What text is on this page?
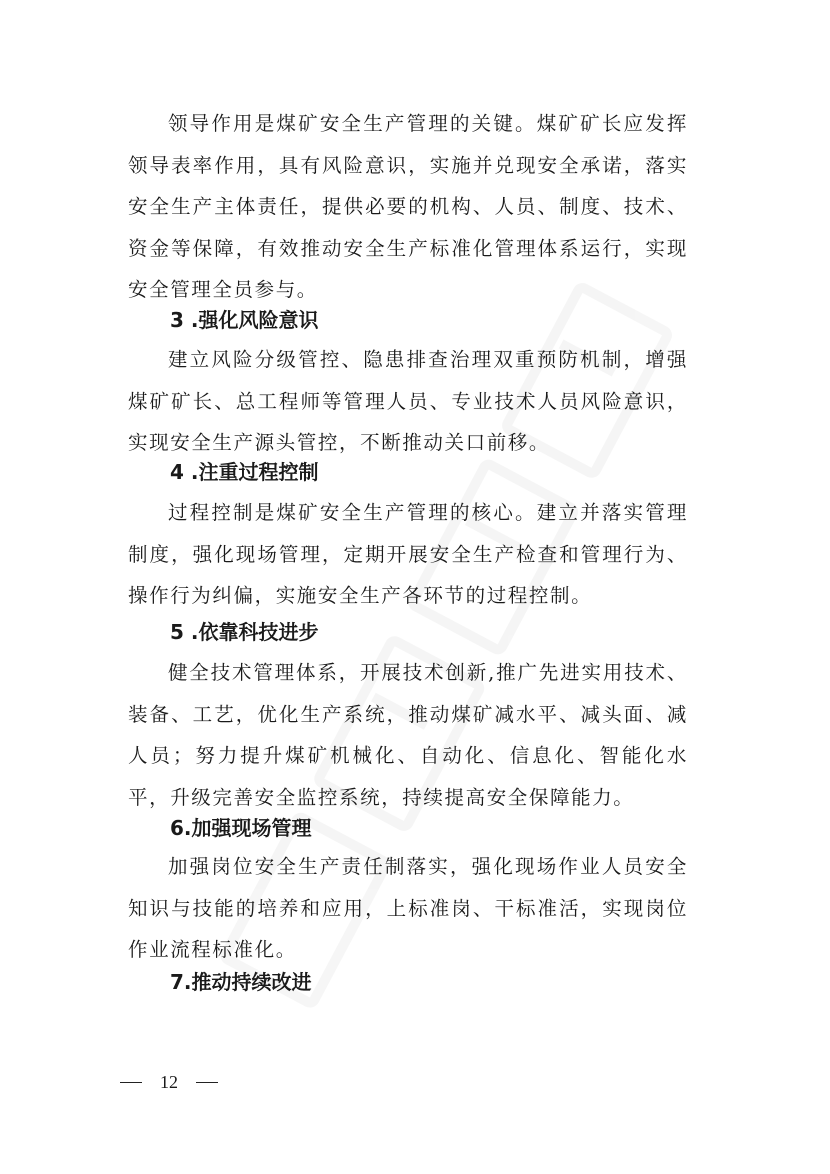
领导作用是煤矿安全生产管理的关键。煤矿矿长应发挥领导表率作用，具有风险意识，实施并兑现安全承诺，落实安全生产主体责任，提供必要的机构、人员、制度、技术、资金等保障，有效推动安全生产标准化管理体系运行，实现安全管理全员参与。

3 .强化风险意识

建立风险分级管控、隐患排查治理双重预防机制，增强煤矿矿长、总工程师等管理人员、专业技术人员风险意识，实现安全生产源头管控，不断推动关口前移。

4 .注重过程控制

过程控制是煤矿安全生产管理的核心。建立并落实管理制度，强化现场管理，定期开展安全生产检查和管理行为、操作行为纠偏，实施安全生产各环节的过程控制。

5 .依靠科技进步

健全技术管理体系，开展技术创新,推广先进实用技术、装备、工艺，优化生产系统，推动煤矿减水平、减头面、减人员；努力提升煤矿机械化、自动化、信息化、智能化水平，升级完善安全监控系统，持续提高安全保障能力。

6.加强现场管理

加强岗位安全生产责任制落实，强化现场作业人员安全知识与技能的培养和应用，上标准岗、干标准活，实现岗位作业流程标准化。

7.推动持续改进
12
